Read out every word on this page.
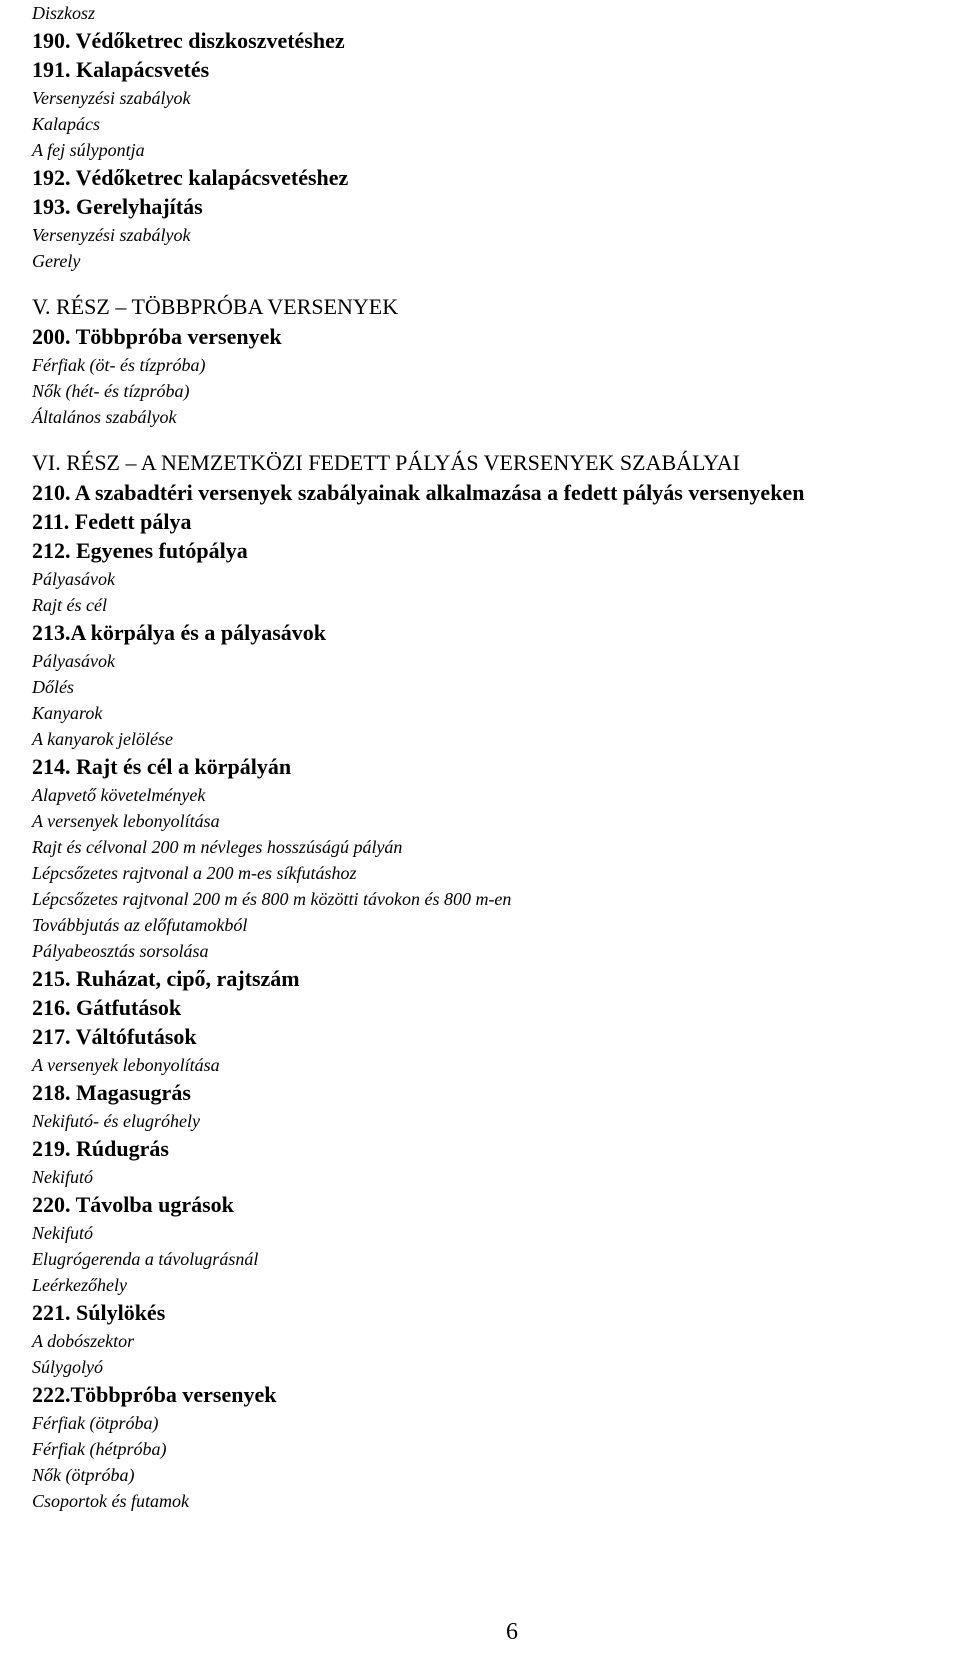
Diszkosz
190. Védőketrec diszkoszvetéshez
191. Kalapácsvetés
Versenyzési szabályok
Kalapács
A fej súlypontja
192. Védőketrec kalapácsvetéshez
193. Gerelyhajítás
Versenyzési szabályok
Gerely
V. RÉSZ – TÖBBPRÓBA VERSENYEK
200. Többpróba versenyek
Férfiak (öt- és tízpróba)
Nők (hét- és tízpróba)
Általános szabályok
VI. RÉSZ – A NEMZETKÖZI FEDETT PÁLYÁS VERSENYEK SZABÁLYAI
210. A szabadtéri versenyek szabályainak alkalmazása a fedett pályás versenyeken
211. Fedett pálya
212. Egyenes futópálya
Pályasávok
Rajt és cél
213.A körpálya és a pályasávok
Pályasávok
Dőlés
Kanyarok
A kanyarok jelölése
214. Rajt és cél a körpályán
Alapvető követelmények
A versenyek lebonyolítása
Rajt és célvonal 200 m névleges hosszúságú pályán
Lépcsőzetes rajtvonal a 200 m-es síkfutáshoz
Lépcsőzetes rajtvonal 200 m és 800 m közötti távokon és 800 m-en
Továbbjutás az előfutamokból
Pályabeosztás sorsolása
215. Ruházat, cipő, rajtszám
216. Gátfutások
217. Váltófutások
A versenyek lebonyolítása
218. Magasugrás
Nekifutó- és elugróhely
219. Rúdugrás
Nekifutó
220. Távolba ugrások
Nekifutó
Elugrógerenda a távolugrásnál
Leérkezőhely
221. Súlylökés
A dobószektor
Súlygolyó
222.Többpróba versenyek
Férfiak (ötpróba)
Férfiak (hétpróba)
Nők (ötpróba)
Csoportok és futamok
6
